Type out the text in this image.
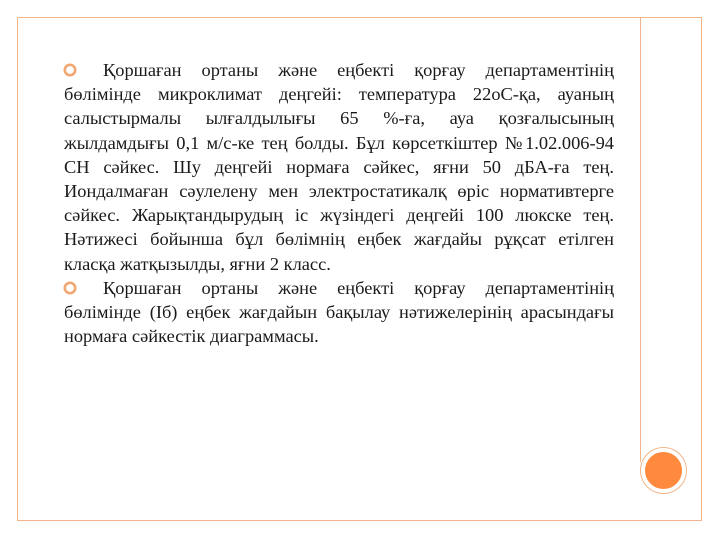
Қоршаған ортаны және еңбекті қорғау департаментінің бөлімінде микроклимат деңгейі: температура 22oС-қа, ауаның салыстырмалы ылғалдылығы 65 %-ға, ауа қозғалысының жылдамдығы 0,1 м/с-ке тең болды. Бұл көрсеткіштер №1.02.006-94 СН сәйкес. Шу деңгейі нормаға сәйкес, яғни 50 дБА-ға тең. Иондалмаған сәулелену мен электростатикалқ өріс нормативтерге сәйкес. Жарықтандырудың іс жүзіндегі деңгейі 100 люкске тең. Нәтижесі бойынша бұл бөлімнің еңбек жағдайы рұқсат етілген класқа жатқызылды, яғни 2 класс.

Қоршаған ортаны және еңбекті қорғау департаментінің бөлімінде (Іб) еңбек жағдайын бақылау нәтижелерінің арасындағы нормаға сәйкестік диаграммасы.
